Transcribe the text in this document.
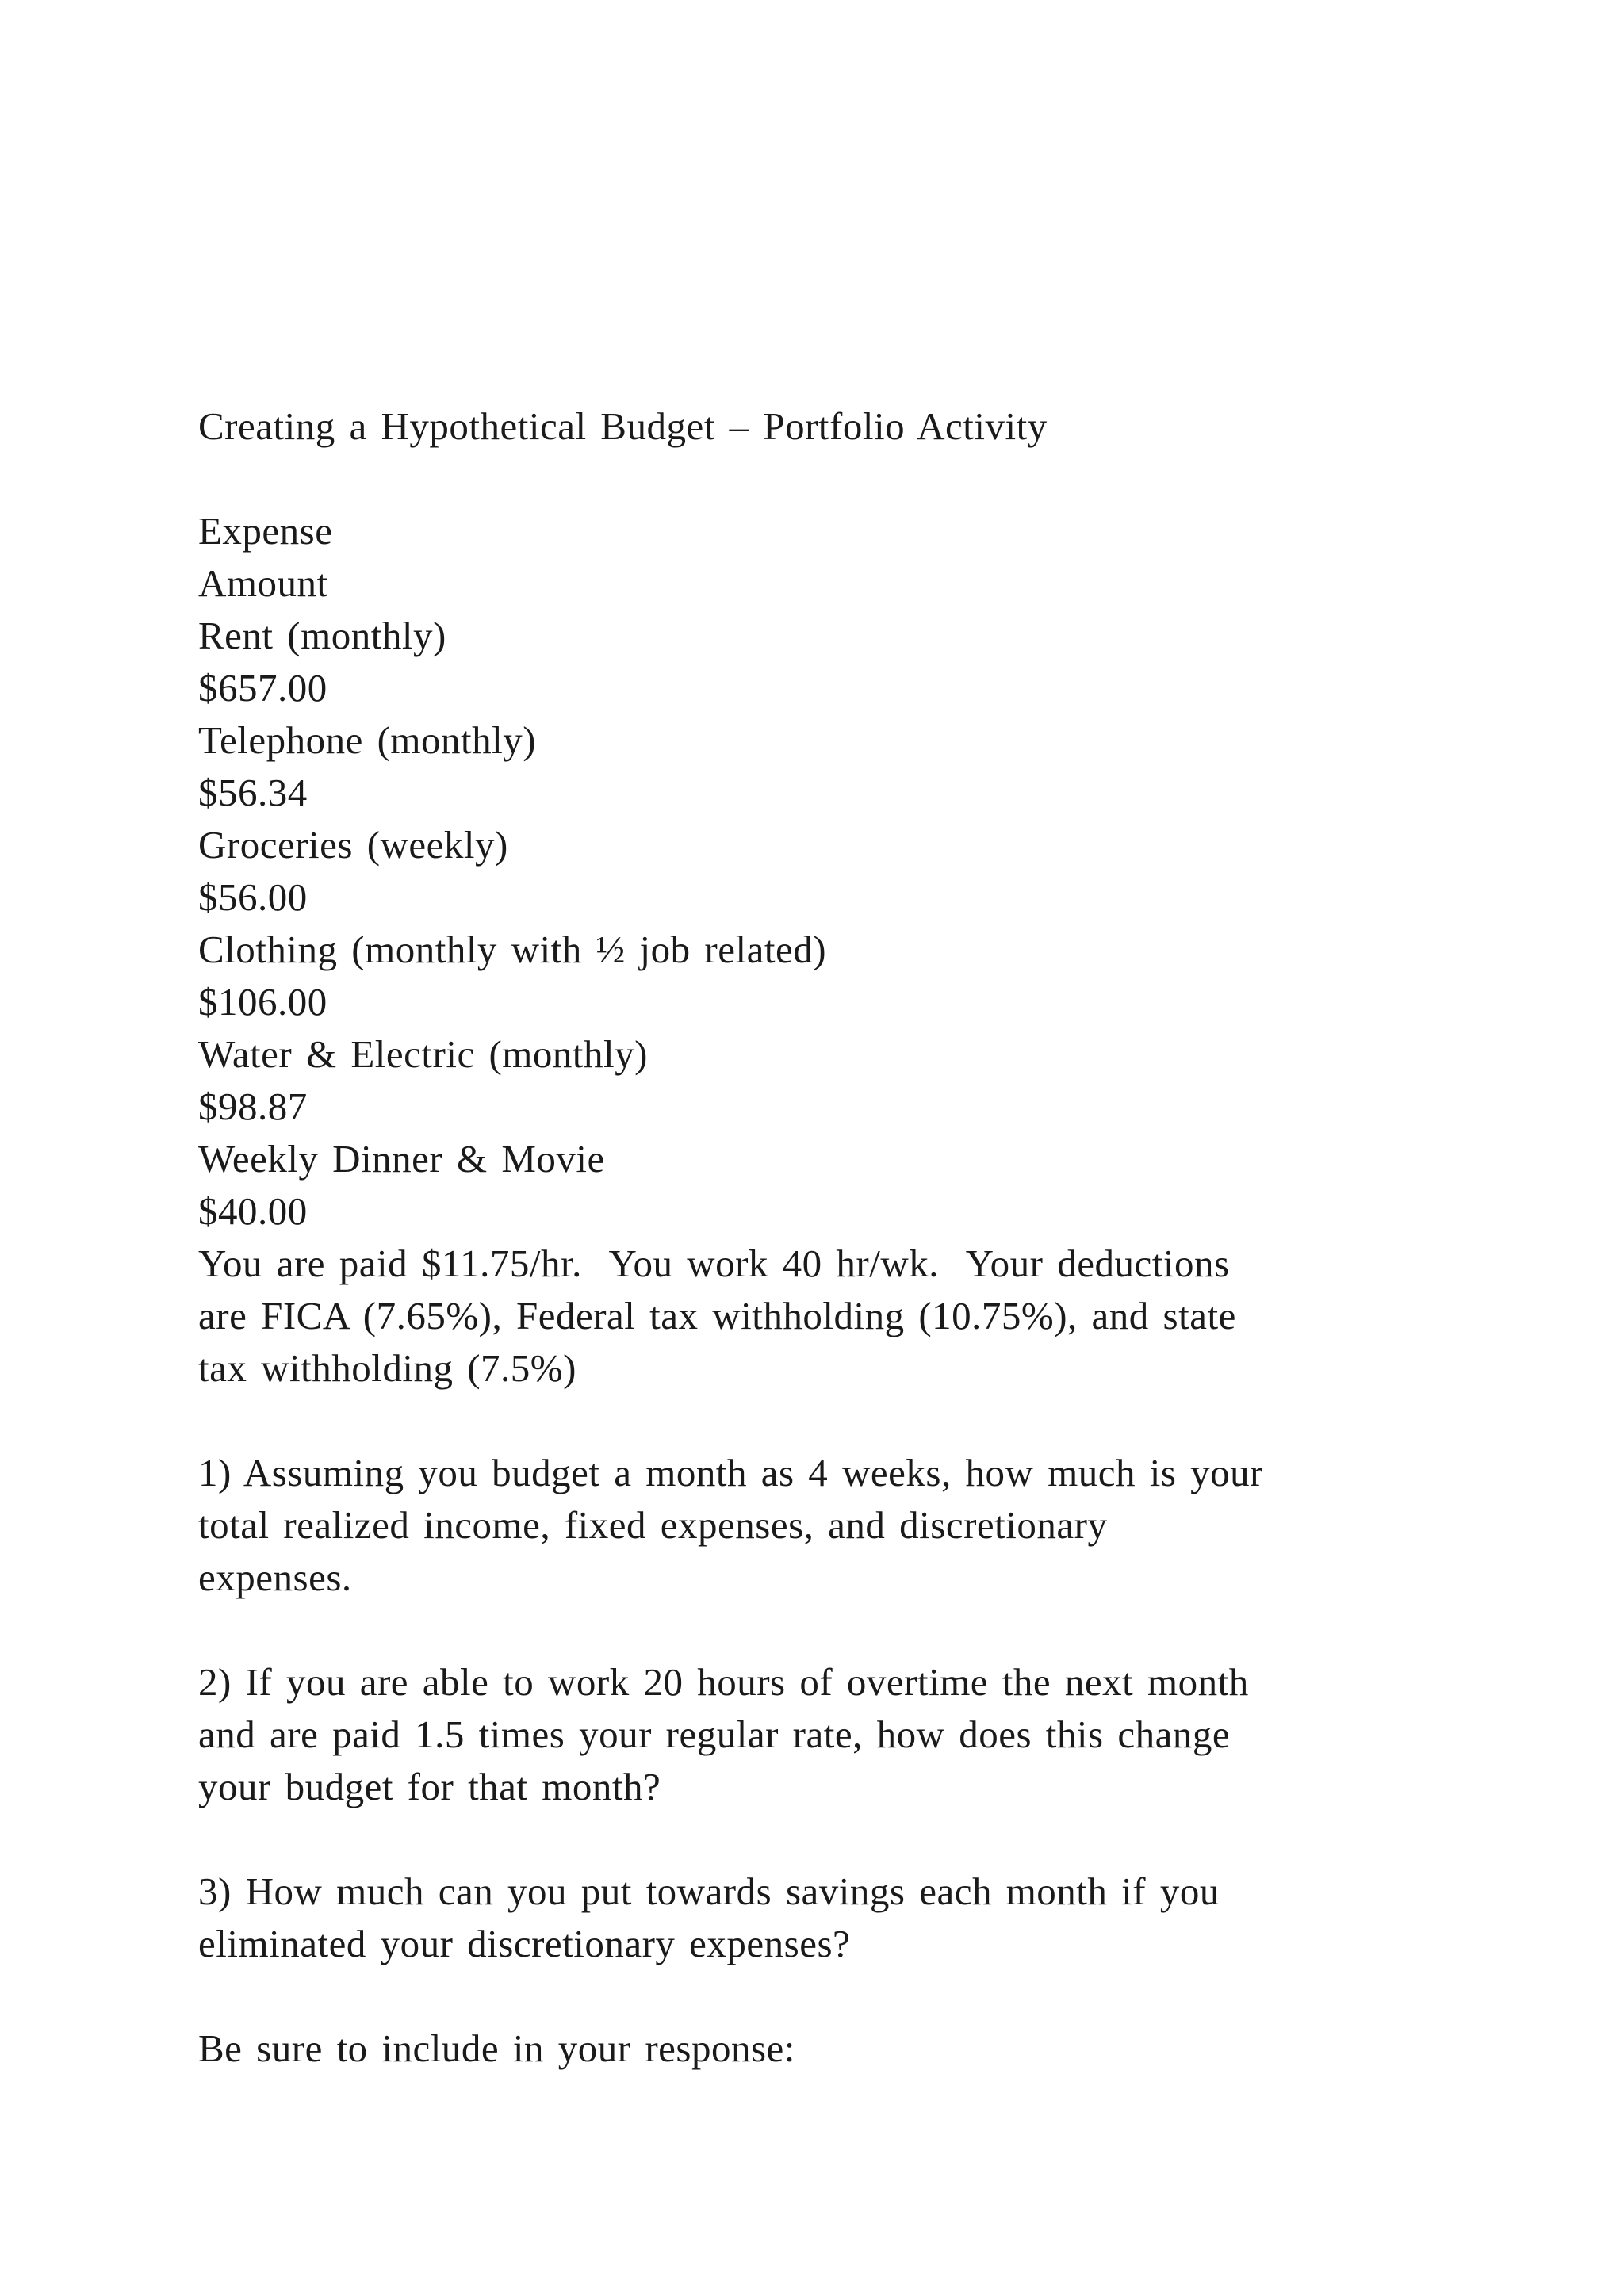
Creating a Hypothetical Budget – Portfolio Activity
Expense
Amount
Rent (monthly)
$657.00
Telephone (monthly)
$56.34
Groceries (weekly)
$56.00
Clothing (monthly with ½ job related)
$106.00
Water & Electric (monthly)
$98.87
Weekly Dinner & Movie
$40.00
You are paid $11.75/hr.  You work 40 hr/wk.  Your deductions
are FICA (7.65%), Federal tax withholding (10.75%), and state
tax withholding (7.5%)
1) Assuming you budget a month as 4 weeks, how much is your
total realized income, fixed expenses, and discretionary
expenses.
2) If you are able to work 20 hours of overtime the next month
and are paid 1.5 times your regular rate, how does this change
your budget for that month?
3) How much can you put towards savings each month if you
eliminated your discretionary expenses?
Be sure to include in your response:
